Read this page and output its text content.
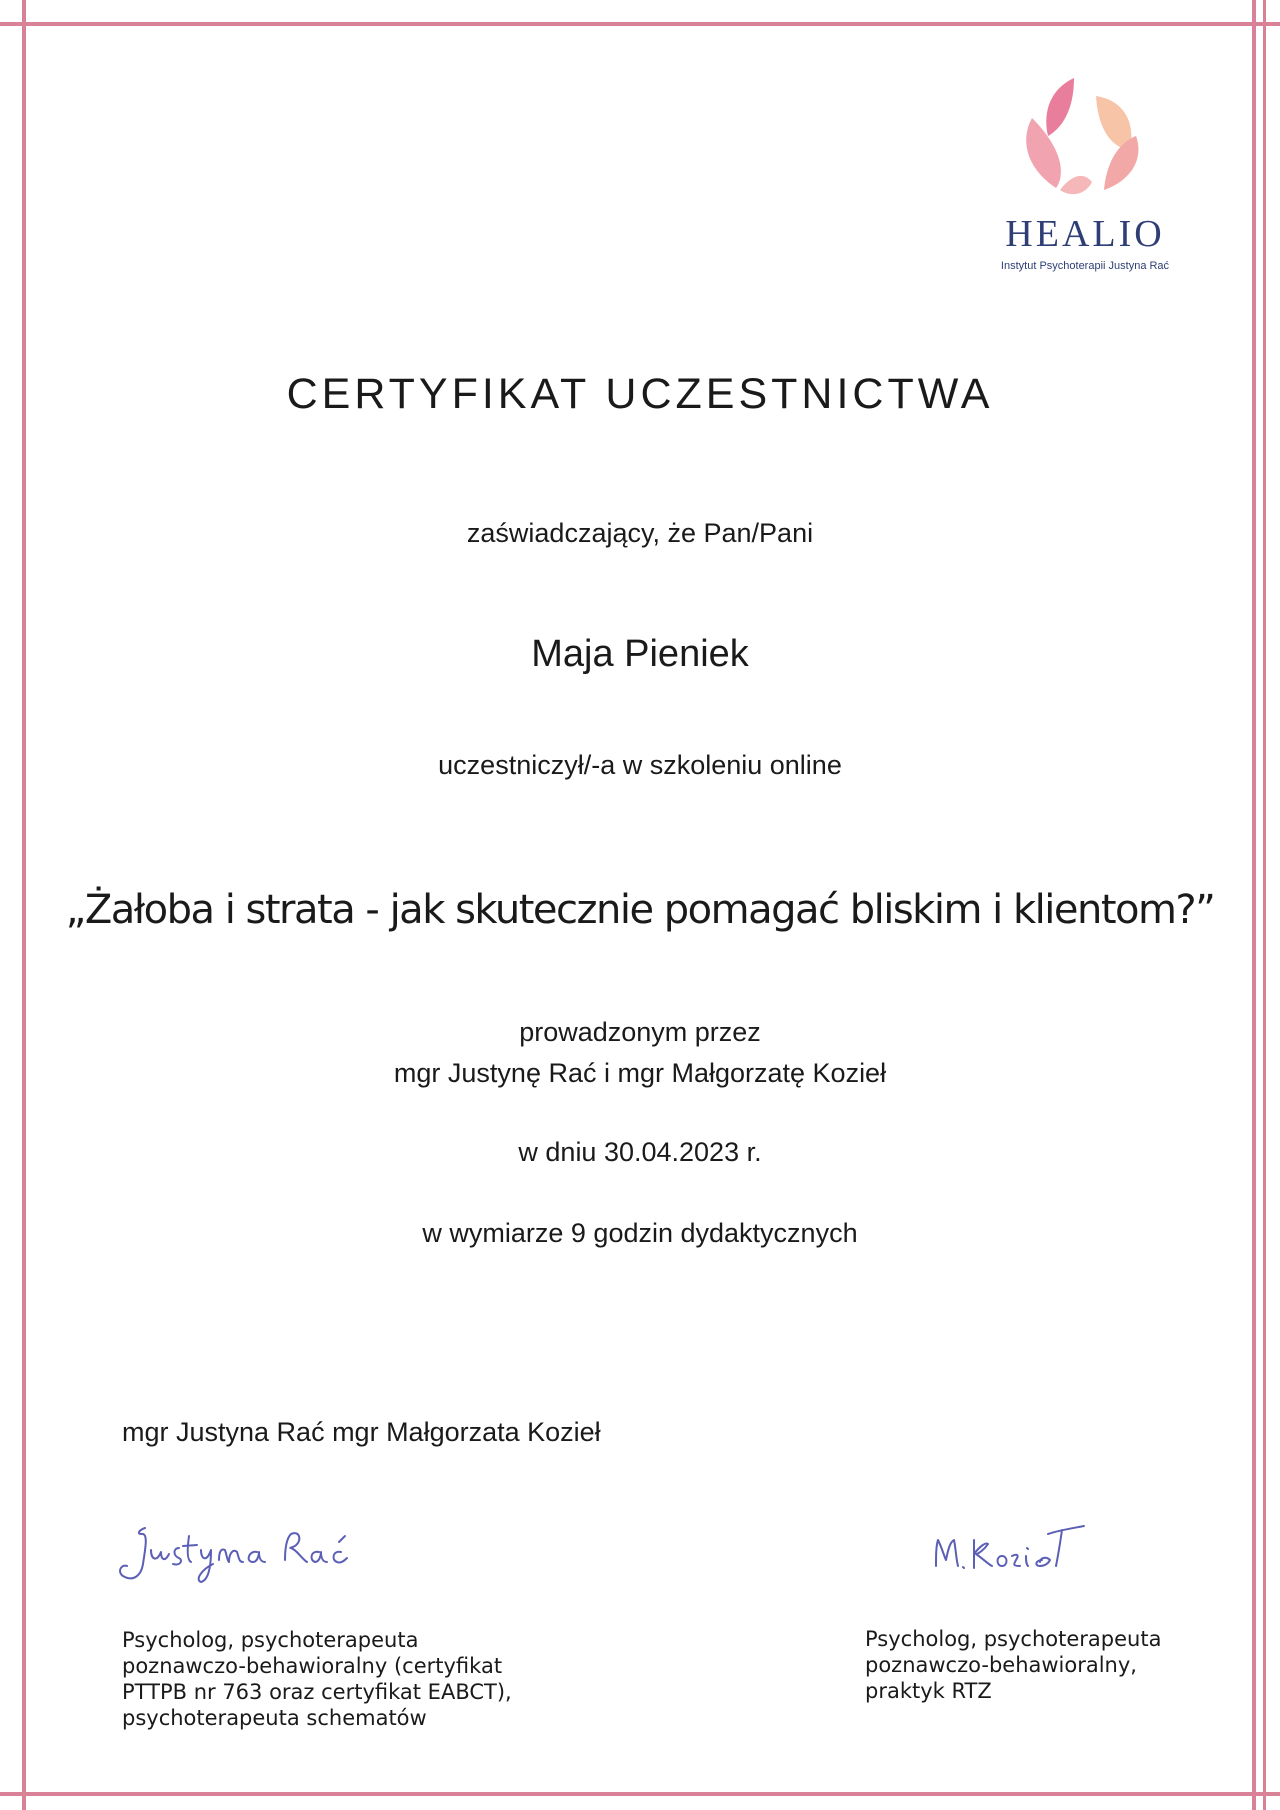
HEALIO
Instytut Psychoterapii Justyna Rać
CERTYFIKAT UCZESTNICTWA
zaświadczający, że Pan/Pani
Maja Pieniek
uczestniczył/-a w szkoleniu online
„Żałoba i strata - jak skutecznie pomagać bliskim i klientom?”
prowadzonym przez
mgr Justynę Rać i mgr Małgorzatę Kozieł
w dniu 30.04.2023 r.
w wymiarze 9 godzin dydaktycznych
mgr Justyna Rać mgr Małgorzata Kozieł
Psycholog, psychoterapeuta
poznawczo-behawioralny (certyfikat
PTTPB nr 763 oraz certyfikat EABCT),
psychoterapeuta schematów
Psycholog, psychoterapeuta
poznawczo-behawioralny,
praktyk RTZ
